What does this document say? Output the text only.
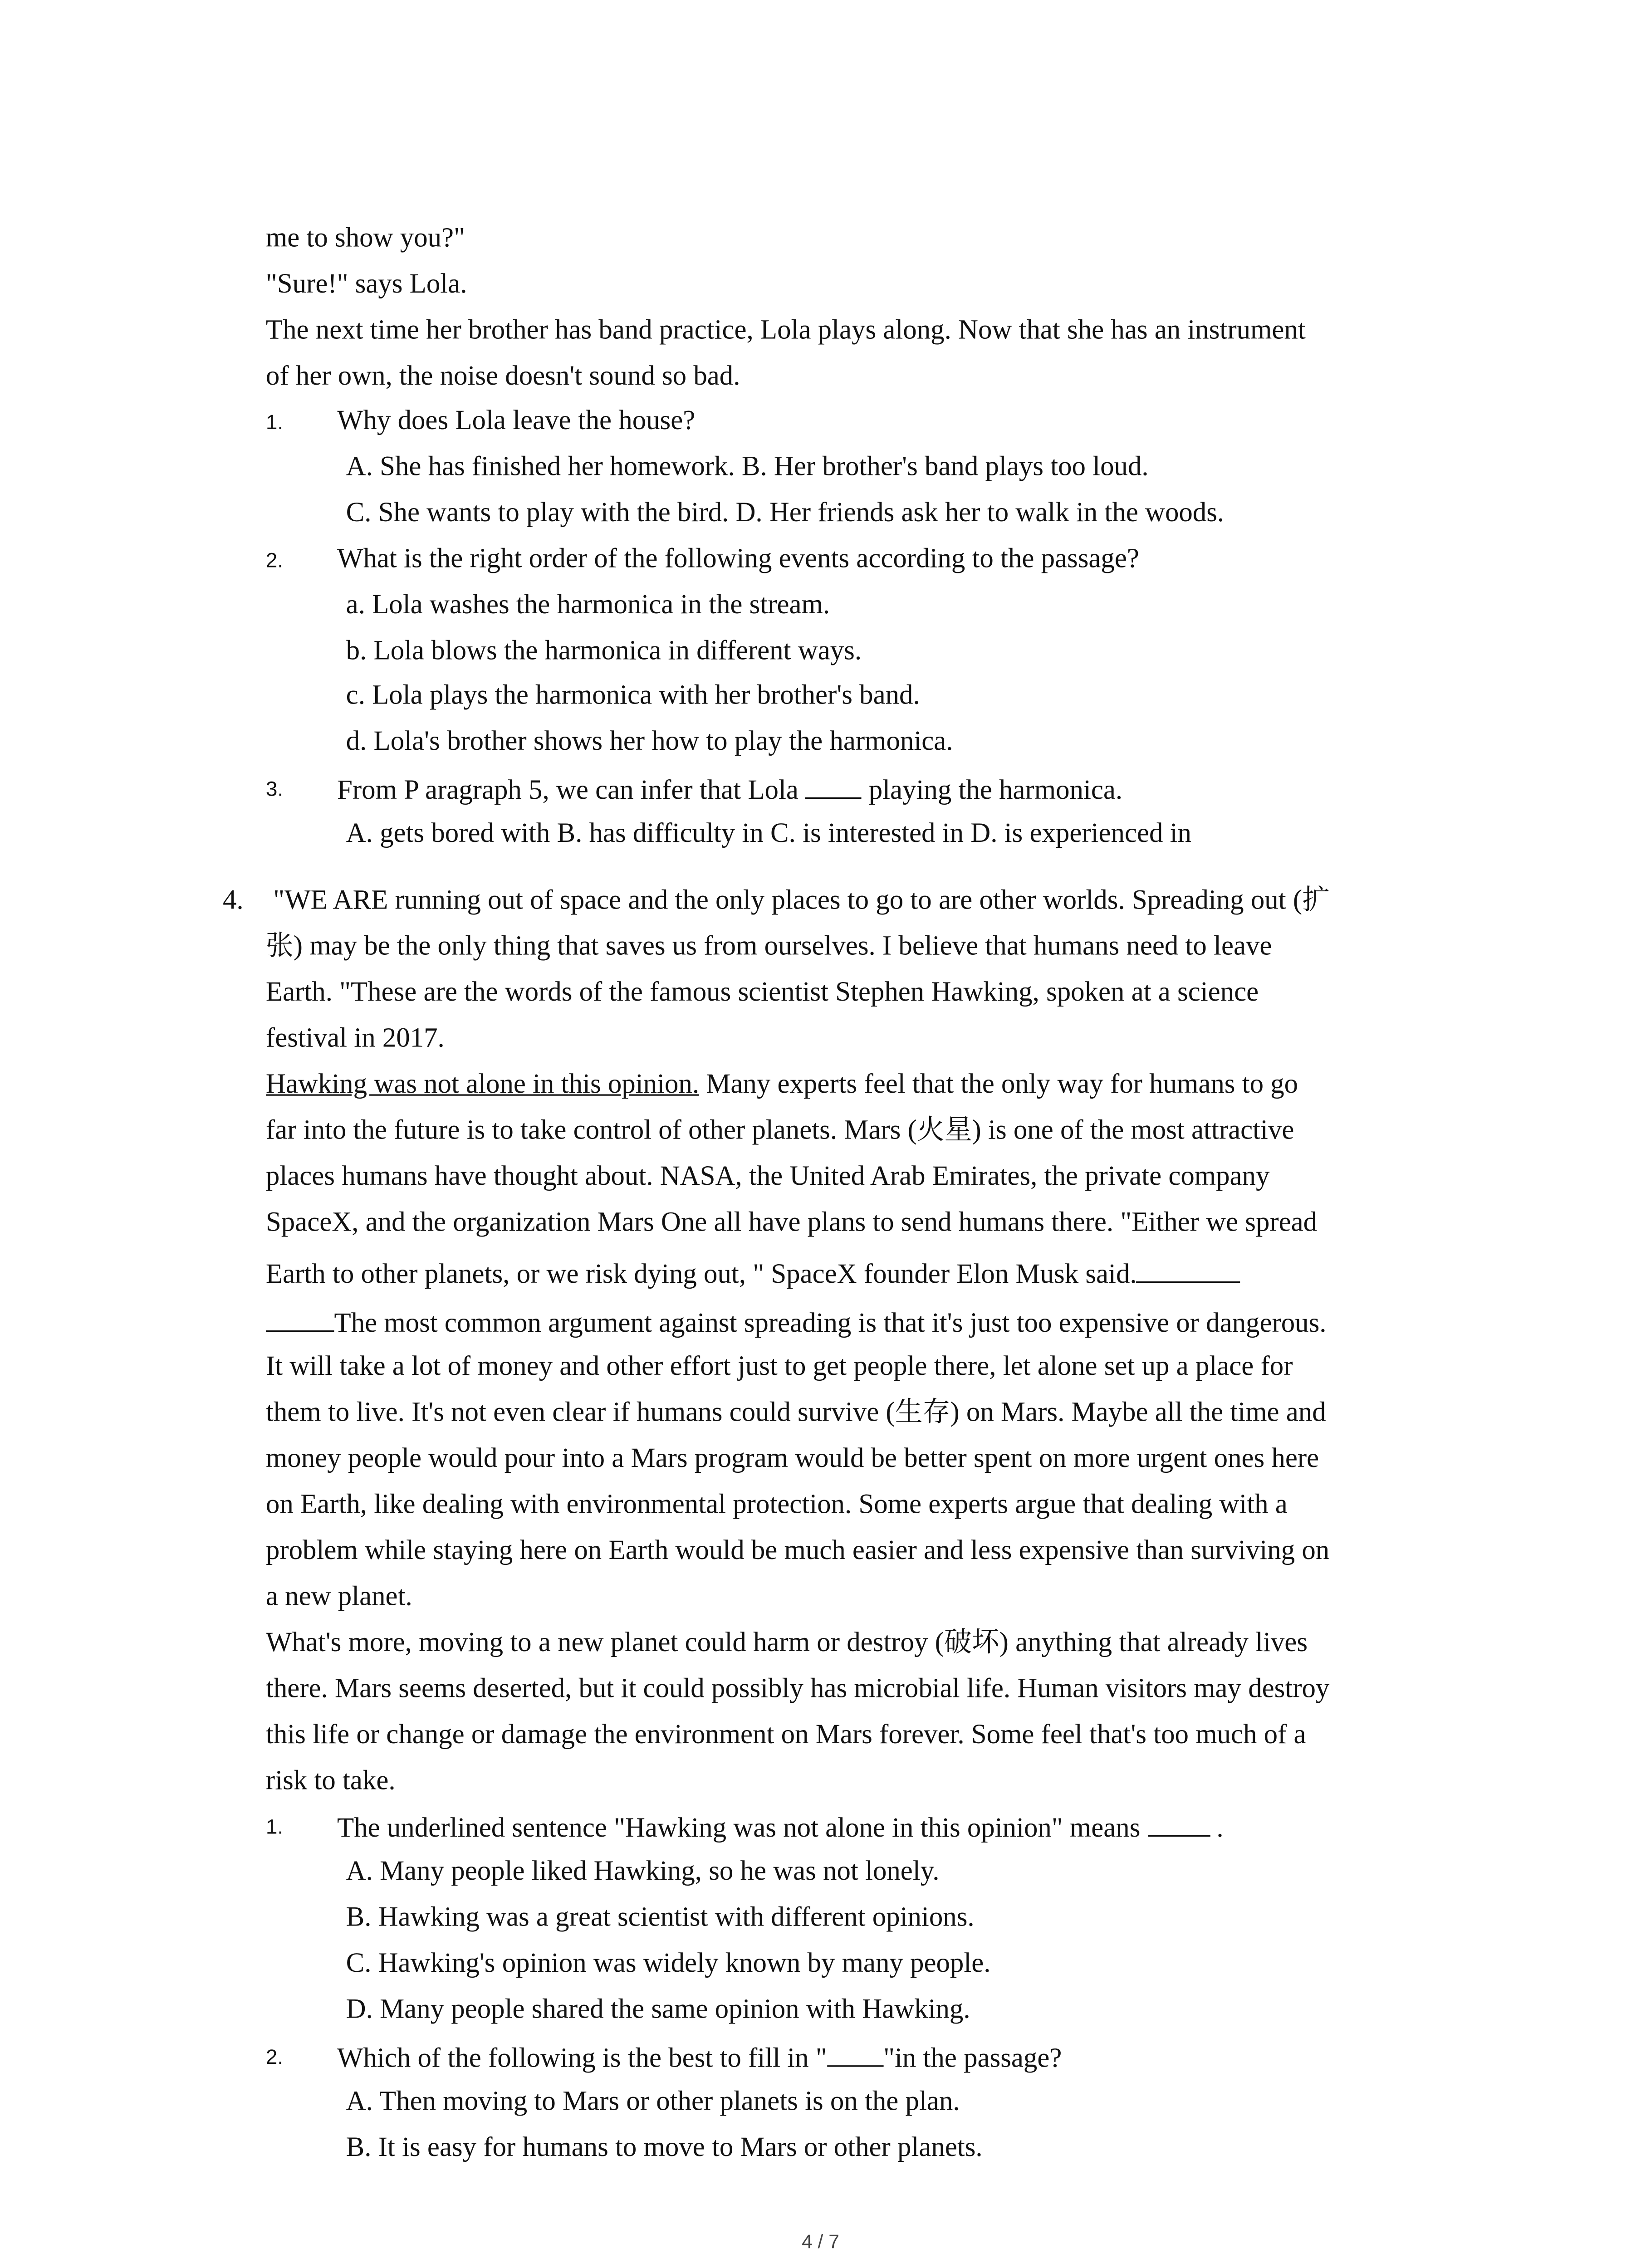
me to show you?"
"Sure!" says Lola.
The next time her brother has band practice, Lola plays along. Now that she has an instrument
of her own, the noise doesn't sound so bad.
1.	Why does Lola leave the house?
A. She has finished her homework. B. Her brother's band plays too loud.
C. She wants to play with the bird. D. Her friends ask her to walk in the woods.
2.	What is the right order of the following events according to the passage?
a. Lola washes the harmonica in the stream.
b. Lola blows the harmonica in different ways.
c. Lola plays the harmonica with her brother's band.
d. Lola's brother shows her how to play the harmonica.
3.	From P aragraph 5, we can infer that Lola	playing the harmonica.
A. gets bored with B. has difficulty in C. is interested in D. is experienced in
4.	"WE ARE running out of space and the only places to go to are other worlds. Spreading out (扩
张) may be the only thing that saves us from ourselves. I believe that humans need to leave
Earth. "These are the words of the famous scientist Stephen Hawking, spoken at a science
festival in 2017.
Hawking was not alone in this opinion. Many experts feel that the only way for humans to go
far into the future is to take control of other planets. Mars (火星) is one of the most attractive
places humans have thought about. NASA, the United Arab Emirates, the private company
SpaceX, and the organization Mars One all have plans to send humans there. "Either we spread
Earth to other planets, or we risk dying out, " SpaceX founder Elon Musk said.
The most common argument against spreading is that it's just too expensive or dangerous.
It will take a lot of money and other effort just to get people there, let alone set up a place for
them to live. It's not even clear if humans could survive (生存) on Mars. Maybe all the time and
money people would pour into a Mars program would be better spent on more urgent ones here
on Earth, like dealing with environmental protection. Some experts argue that dealing with a
problem while staying here on Earth would be much easier and less expensive than surviving on
a new planet.
What's more, moving to a new planet could harm or destroy (破坏) anything that already lives
there. Mars seems deserted, but it could possibly has microbial life. Human visitors may destroy
this life or change or damage the environment on Mars forever. Some feel that's too much of a
risk to take.
1.	The underlined sentence "Hawking was not alone in this opinion" means	.
A. Many people liked Hawking, so he was not lonely.
B. Hawking was a great scientist with different opinions.
C. Hawking's opinion was widely known by many people.
D. Many people shared the same opinion with Hawking.
2.	Which of the following is the best to fill in "	"in the passage?
A. Then moving to Mars or other planets is on the plan.
B. It is easy for humans to move to Mars or other planets.
4 / 7
